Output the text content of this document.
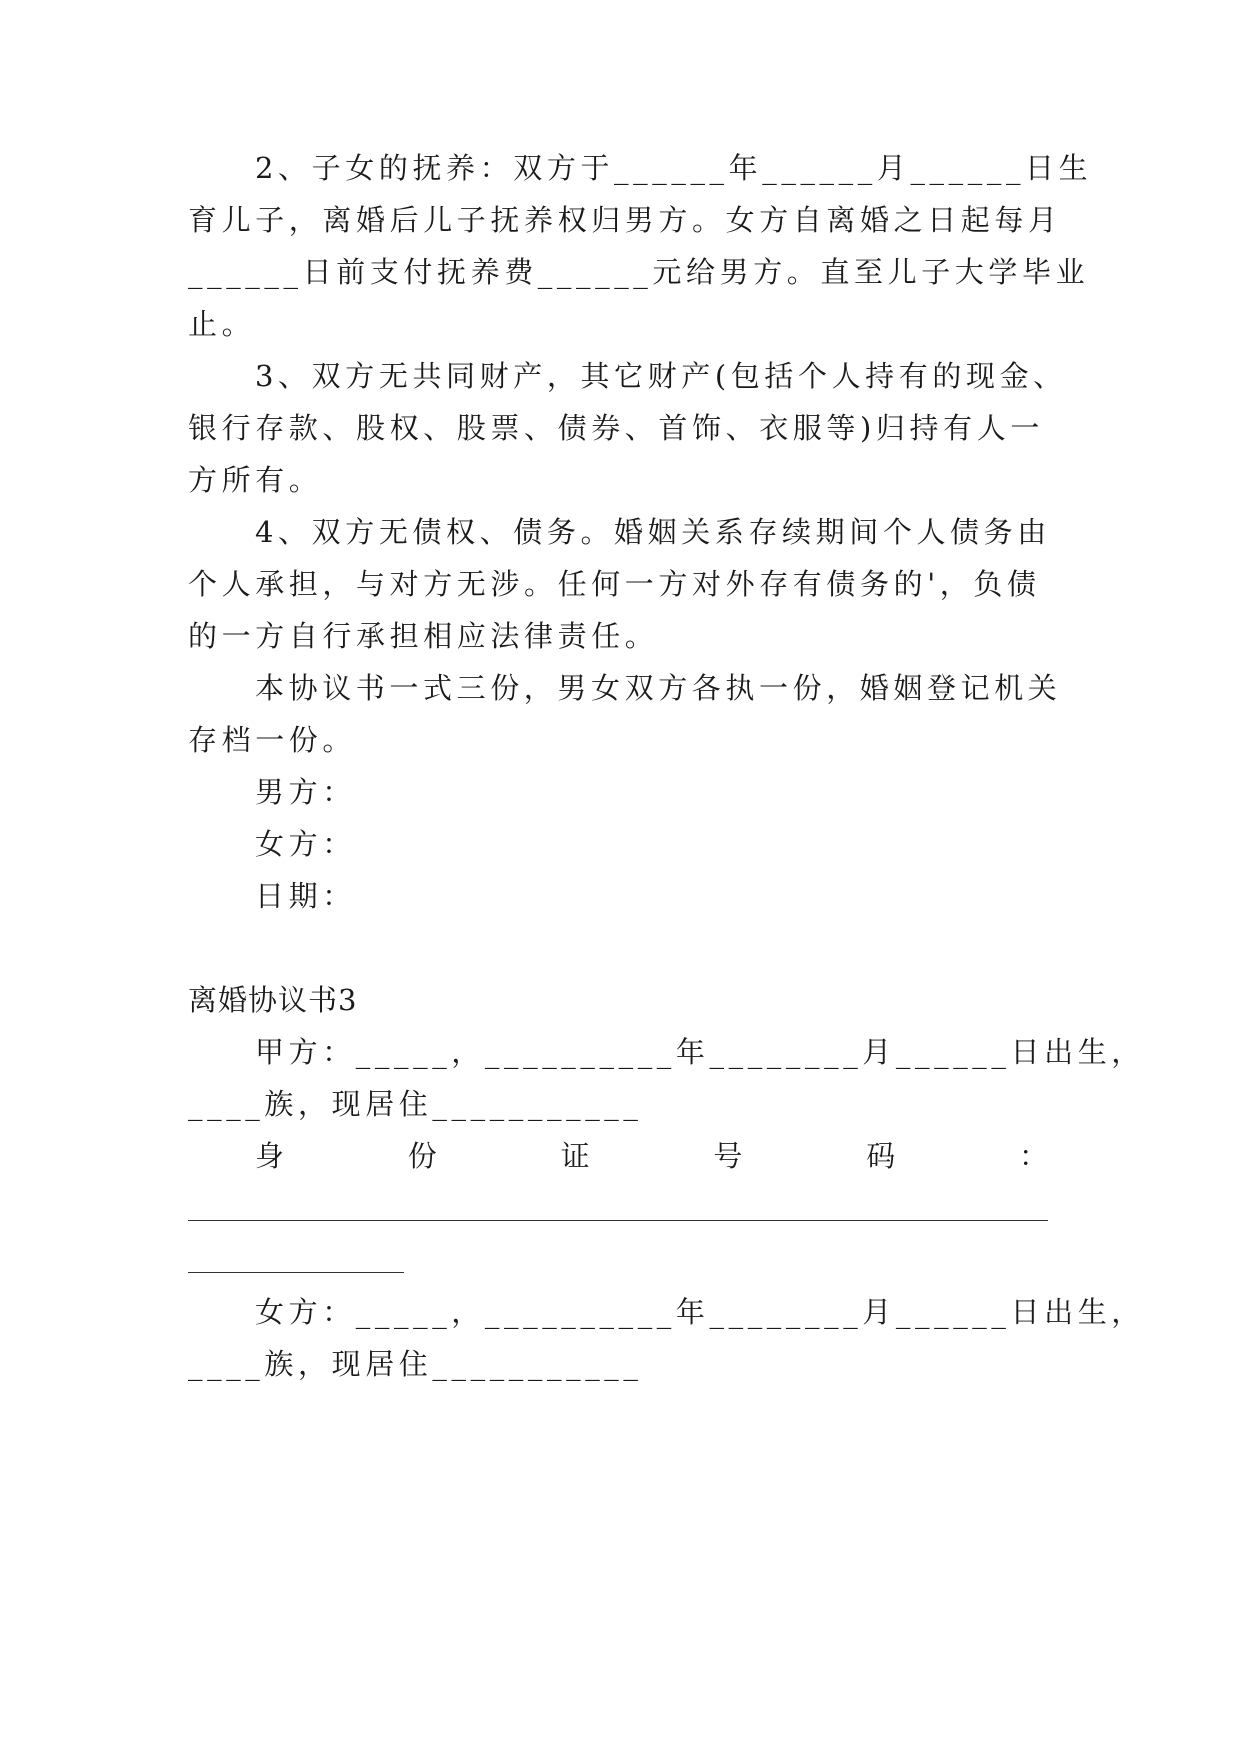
2、子女的抚养：双方于______年______月______日生
育儿子，离婚后儿子抚养权归男方。女方自离婚之日起每月
______日前支付抚养费______元给男方。直至儿子大学毕业
止。
3、双方无共同财产，其它财产(包括个人持有的现金、
银行存款、股权、股票、债券、首饰、衣服等)归持有人一
方所有。
4、双方无债权、债务。婚姻关系存续期间个人债务由
个人承担，与对方无涉。任何一方对外存有债务的'，负债
的一方自行承担相应法律责任。
本协议书一式三份，男女双方各执一份，婚姻登记机关
存档一份。
男方：
女方：
日期：
离婚协议书3
甲方：_____，__________年________月______日出生，
____族，现居住___________
身	份	证	号	码	：
女方：_____，__________年________月______日出生，
____族，现居住___________
